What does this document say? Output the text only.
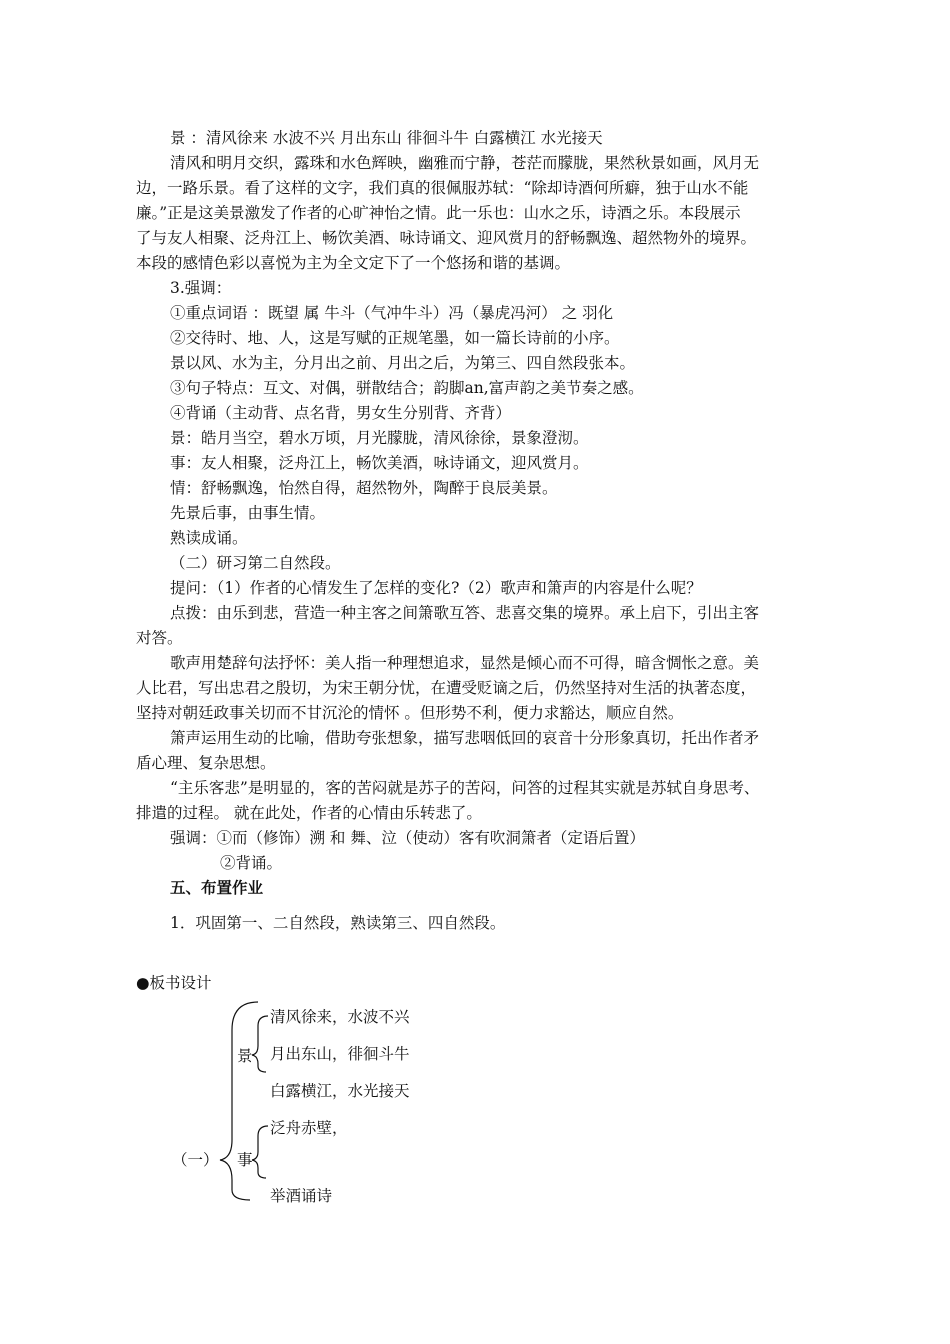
景 ：清风徐来 水波不兴 月出东山 徘徊斗牛 白露横江 水光接天
清风和明月交织，露珠和水色辉映，幽雅而宁静，苍茫而朦胧，果然秋景如画，风月无
边，一路乐景。看了这样的文字，我们真的很佩服苏轼：“除却诗酒何所癖，独于山水不能
廉。”正是这美景激发了作者的心旷神怡之情。此一乐也：山水之乐，诗酒之乐。本段展示
了与友人相聚、泛舟江上、畅饮美酒、咏诗诵文、迎风赏月的舒畅飘逸、超然物外的境界。
本段的感情色彩以喜悦为主为全文定下了一个悠扬和谐的基调。
3.强调：
①重点词语 ：既望 属 牛斗（气冲牛斗）冯（暴虎冯河） 之 羽化
②交待时、地、人，这是写赋的正规笔墨，如一篇长诗前的小序。
景以风、水为主，分月出之前、月出之后，为第三、四自然段张本。
③句子特点：互文、对偶，骈散结合；韵脚an,富声韵之美节奏之感。
④背诵（主动背、点名背，男女生分别背、齐背）
景：皓月当空，碧水万顷，月光朦胧，清风徐徐，景象澄沏。
事：友人相聚，泛舟江上，畅饮美酒，咏诗诵文，迎风赏月。
情：舒畅飘逸，怡然自得，超然物外，陶醉于良辰美景。
先景后事，由事生情。
熟读成诵。
（二）研习第二自然段。
提问：（1）作者的心情发生了怎样的变化?（2）歌声和箫声的内容是什么呢？
点拨：由乐到悲，营造一种主客之间箫歌互答、悲喜交集的境界。承上启下，引出主客
对答。
歌声用楚辞句法抒怀：美人指一种理想追求，显然是倾心而不可得，暗含惆怅之意。美
人比君，写出忠君之殷切，为宋王朝分忧，在遭受贬谪之后，仍然坚持对生活的执著态度，
坚持对朝廷政事关切而不甘沉沦的情怀 。但形势不利，便力求豁达，顺应自然。
箫声运用生动的比喻，借助夸张想象，描写悲咽低回的哀音十分形象真切，托出作者矛
盾心理、复杂思想。
“主乐客悲”是明显的，客的苦闷就是苏子的苦闷，问答的过程其实就是苏轼自身思考、
排遣的过程。 就在此处，作者的心情由乐转悲了。
强调：①而（修饰）溯 和 舞、泣（使动）客有吹洞箫者（定语后置）
②背诵。
五、布置作业
1．巩固第一、二自然段，熟读第三、四自然段。
●板书设计
（一）
景
事
清风徐来，水波不兴
月出东山，徘徊斗牛
白露横江，水光接天
泛舟赤壁，
举酒诵诗
